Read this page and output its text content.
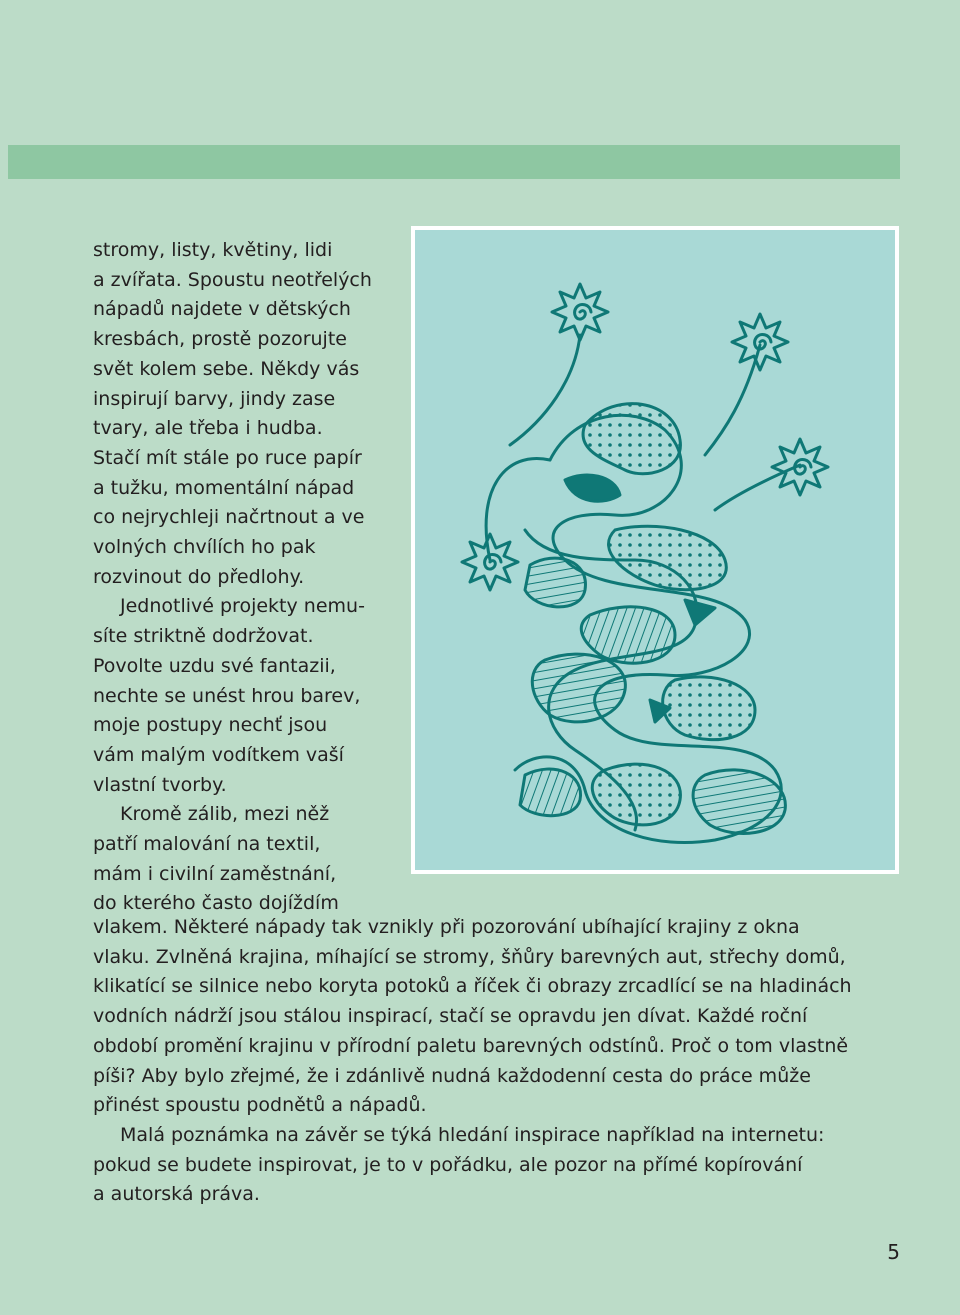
stromy, listy, květiny, lidi
a zvířata. Spoustu neotřelých
nápadů najdete v dětských
kresbách, prostě pozorujte
svět kolem sebe. Někdy vás
inspirují barvy, jindy zase
tvary, ale třeba i hudba.
Stačí mít stále po ruce papír
a tužku, momentální nápad
co nejrychleji načrtnout a ve
volných chvílích ho pak
rozvinout do předlohy.
Jednotlivé projekty nemu-
síte striktně dodržovat.
Povolte uzdu své fantazii,
nechte se unést hrou barev,
moje postupy nechť jsou
vám malým vodítkem vaší
vlastní tvorby.
Kromě zálib, mezi něž
patří malování na textil,
mám i civilní zaměstnání,
do kterého často dojíždím
vlakem. Některé nápady tak vznikly při pozorování ubíhající krajiny z okna
vlaku. Zvlněná krajina, míhající se stromy, šňůry barevných aut, střechy domů,
klikatící se silnice nebo koryta potoků a říček či obrazy zrcadlící se na hladinách
vodních nádrží jsou stálou inspirací, stačí se opravdu jen dívat. Každé roční
období promění krajinu v přírodní paletu barevných odstínů. Proč o tom vlastně
píši? Aby bylo zřejmé, že i zdánlivě nudná každodenní cesta do práce může
přinést spoustu podnětů a nápadů.
Malá poznámka na závěr se týká hledání inspirace například na internetu:
pokud se budete inspirovat, je to v pořádku, ale pozor na přímé kopírování
a autorská práva.
5
